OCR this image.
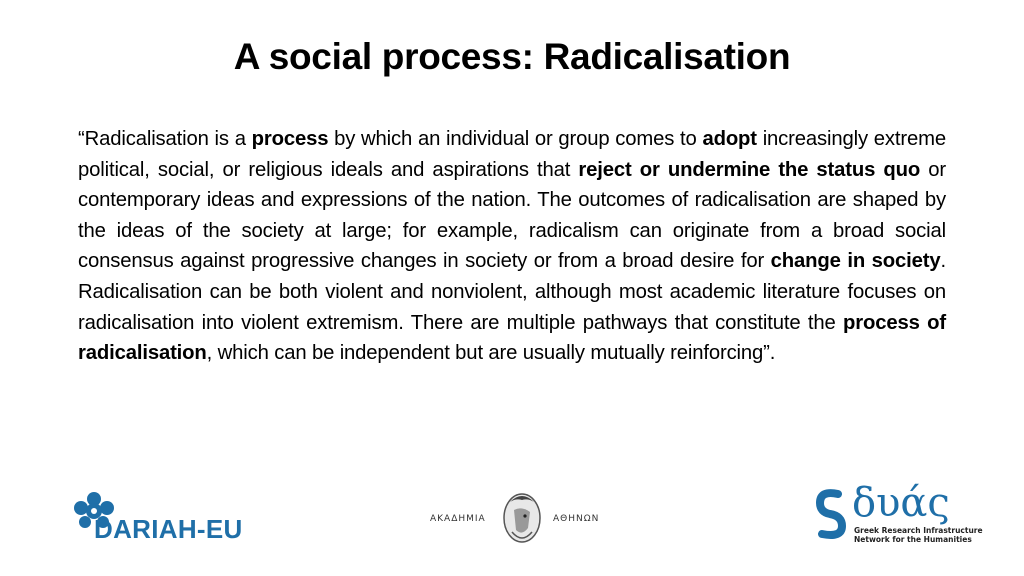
A social process: Radicalisation
“Radicalisation is a process by which an individual or group comes to adopt increasingly extreme political, social, or religious ideals and aspirations that reject or undermine the status quo or contemporary ideas and expressions of the nation. The outcomes of radicalisation are shaped by the ideas of the society at large; for example, radicalism can originate from a broad social consensus against progressive changes in society or from a broad desire for change in society. Radicalisation can be both violent and nonviolent, although most academic literature focuses on radicalisation into violent extremism. There are multiple pathways that constitute the process of radicalisation, which can be independent but are usually mutually reinforcing”.
DARIAH-EU	ΑΚΑΔΗΜΙΑ	ΑΘΗΝΩΝ	δυάς
Greek Research Infrastructure
Network for the Humanities
